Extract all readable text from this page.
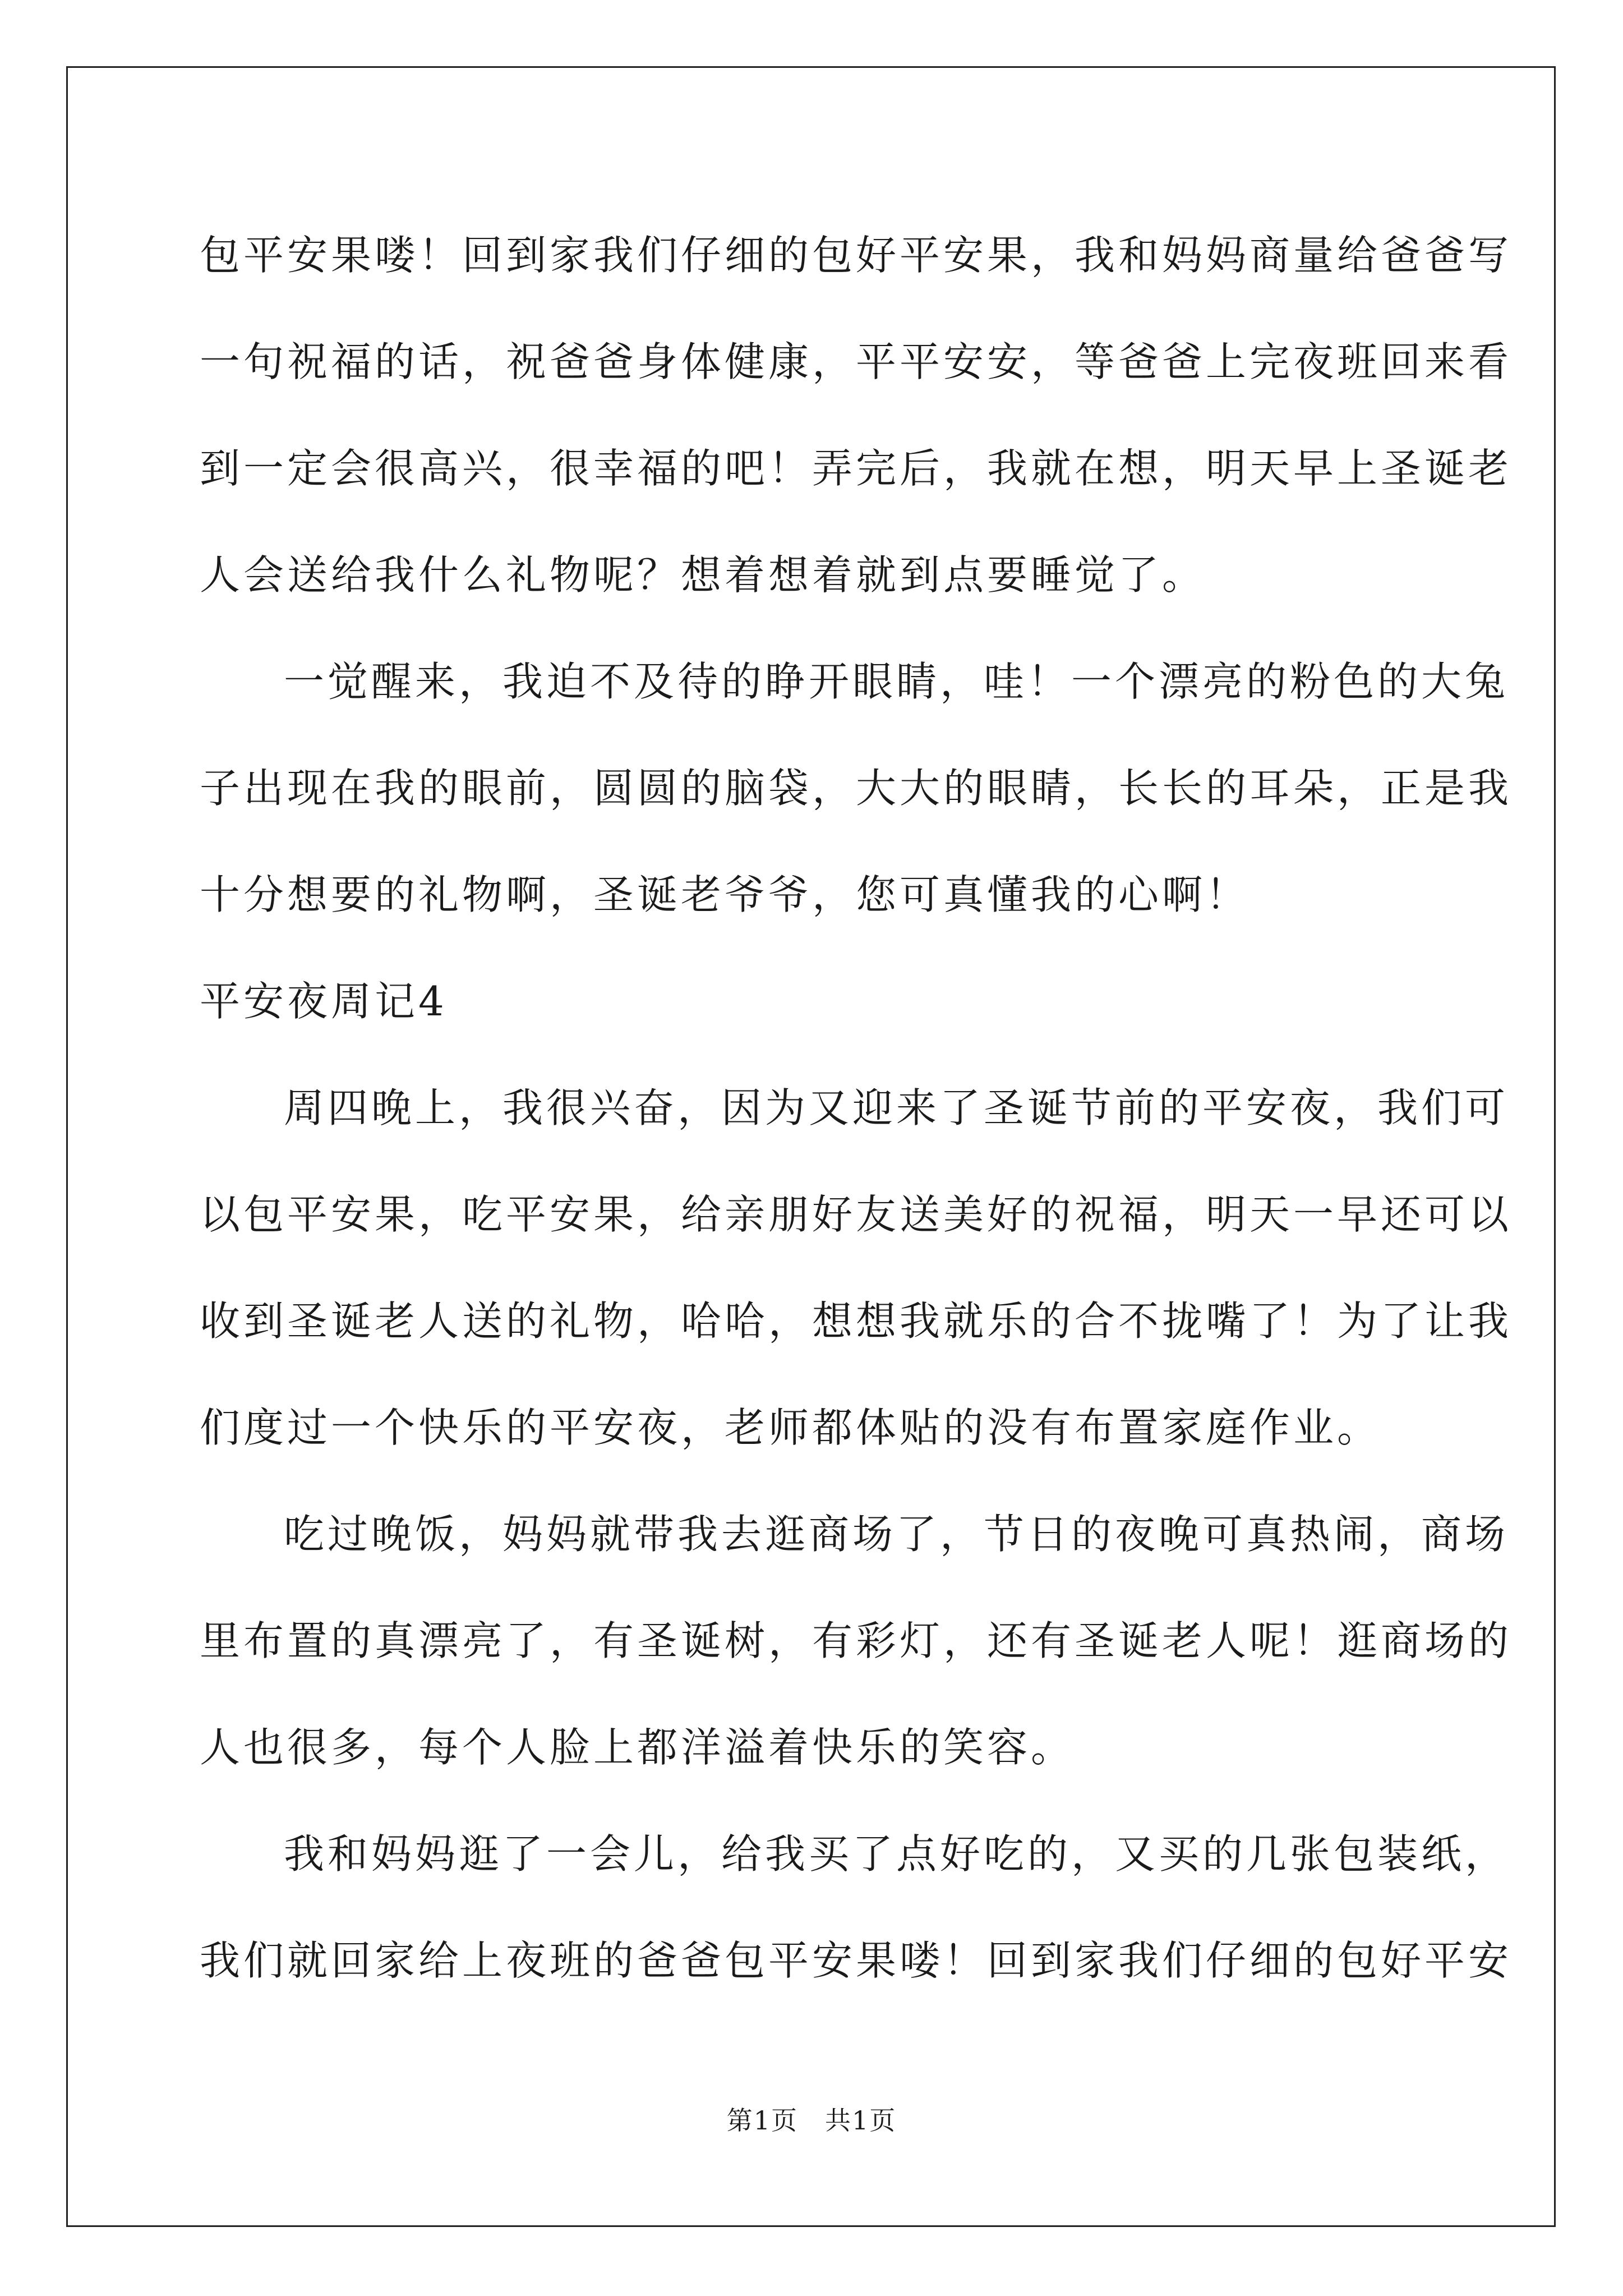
包平安果喽！回到家我们仔细的包好平安果，我和妈妈商量给爸爸写
一句祝福的话，祝爸爸身体健康，平平安安，等爸爸上完夜班回来看
到一定会很高兴，很幸福的吧！弄完后，我就在想，明天早上圣诞老
人会送给我什么礼物呢？想着想着就到点要睡觉了。
一觉醒来，我迫不及待的睁开眼睛，哇！一个漂亮的粉色的大兔
子出现在我的眼前，圆圆的脑袋，大大的眼睛，长长的耳朵，正是我
十分想要的礼物啊，圣诞老爷爷，您可真懂我的心啊！
平安夜周记4
周四晚上，我很兴奋，因为又迎来了圣诞节前的平安夜，我们可
以包平安果，吃平安果，给亲朋好友送美好的祝福，明天一早还可以
收到圣诞老人送的礼物，哈哈，想想我就乐的合不拢嘴了！为了让我
们度过一个快乐的平安夜，老师都体贴的没有布置家庭作业。
吃过晚饭，妈妈就带我去逛商场了，节日的夜晚可真热闹，商场
里布置的真漂亮了，有圣诞树，有彩灯，还有圣诞老人呢！逛商场的
人也很多，每个人脸上都洋溢着快乐的笑容。
我和妈妈逛了一会儿，给我买了点好吃的，又买的几张包装纸，
我们就回家给上夜班的爸爸包平安果喽！回到家我们仔细的包好平安
第1页 共1页
